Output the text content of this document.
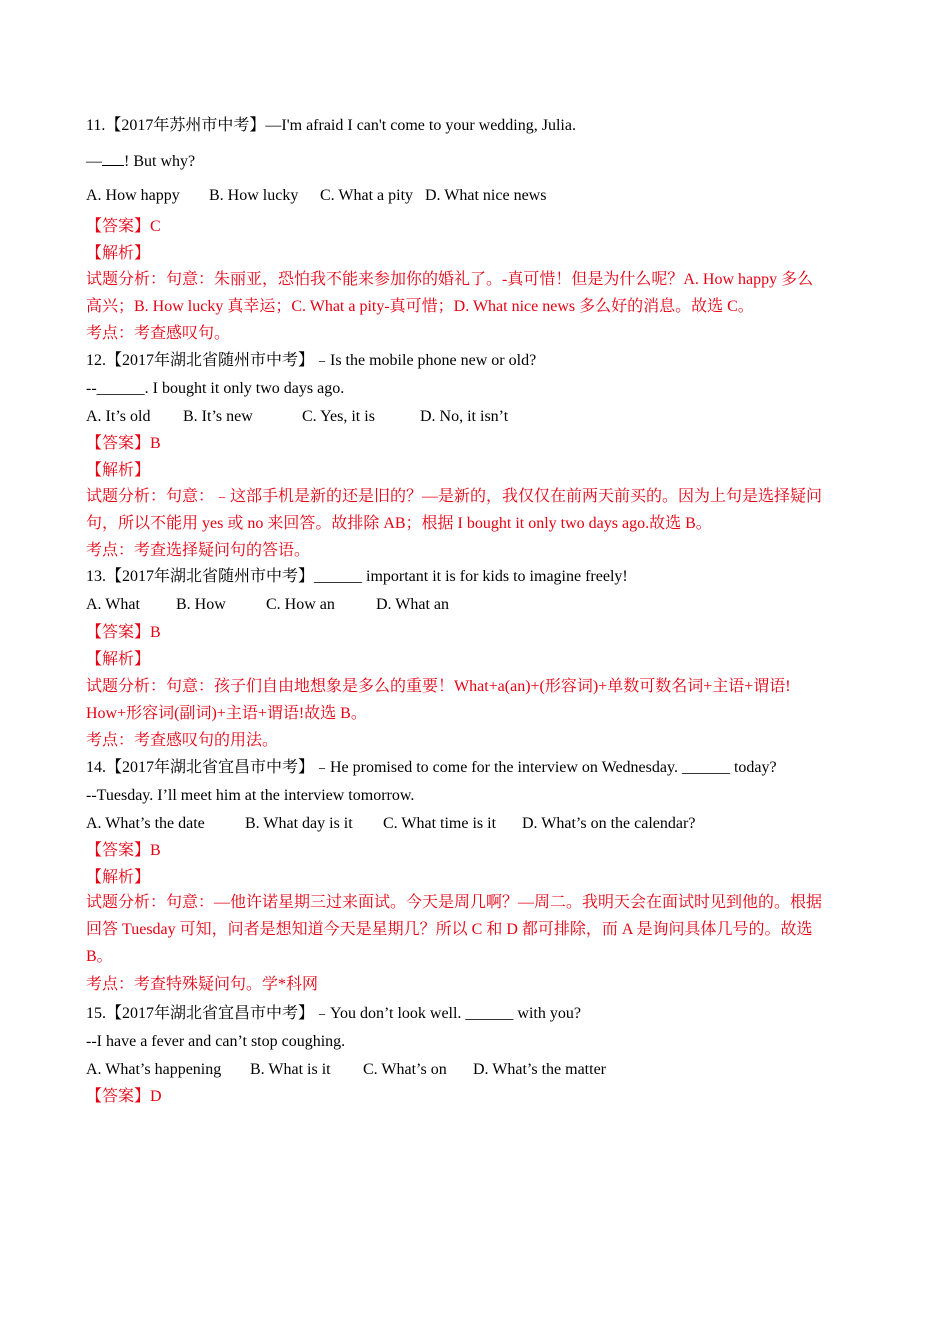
11.【2017年苏州市中考】—I'm afraid I can't come to your wedding, Julia.
— ! But why?
A. How happy B. How lucky C. What a pity D. What nice news
【答案】C
【解析】
试题分析：句意：朱丽亚，恐怕我不能来参加你的婚礼了。-真可惜！但是为什么呢？A. How happy 多么
高兴；B. How lucky 真幸运；C. What a pity-真可惜；D. What nice news 多么好的消息。故选 C。
考点：考查感叹句。
12.【2017年湖北省随州市中考】﹣Is the mobile phone new or old?
--______. I bought it only two days ago.
A. It’s old B. It’s new	C. Yes, it is	D. No, it isn’t
【答案】B
【解析】
试题分析：句意：﹣这部手机是新的还是旧的？—是新的，我仅仅在前两天前买的。因为上句是选择疑问
句，所以不能用 yes 或 no 来回答。故排除 AB；根据 I bought it only two days ago.故选 B。
考点：考查选择疑问句的答语。
13.【2017年湖北省随州市中考】______ important it is for kids to imagine freely!
A. What B. How	C. How an	D. What an
【答案】B
【解析】
试题分析：句意：孩子们自由地想象是多么的重要！What+a(an)+(形容词)+单数可数名词+主语+谓语!
How+形容词(副词)+主语+谓语!故选 B。
考点：考查感叹句的用法。
14.【2017年湖北省宜昌市中考】﹣He promised to come for the interview on Wednesday. ______ today?
--Tuesday. I’ll meet him at the interview tomorrow.
A. What’s the date	B. What day is it C. What time is it D. What’s on the calendar?
【答案】B
【解析】
试题分析：句意：—他许诺星期三过来面试。今天是周几啊？—周二。我明天会在面试时见到他的。根据
回答 Tuesday 可知，问者是想知道今天是星期几？所以 C 和 D 都可排除，而 A 是询问具体几号的。故选
B。
考点：考查特殊疑问句。学*科网
15.【2017年湖北省宜昌市中考】﹣You don’t look well. ______ with you?
--I have a fever and can’t stop coughing.
A. What’s happening B. What is it C. What’s on D. What’s the matter
【答案】D
